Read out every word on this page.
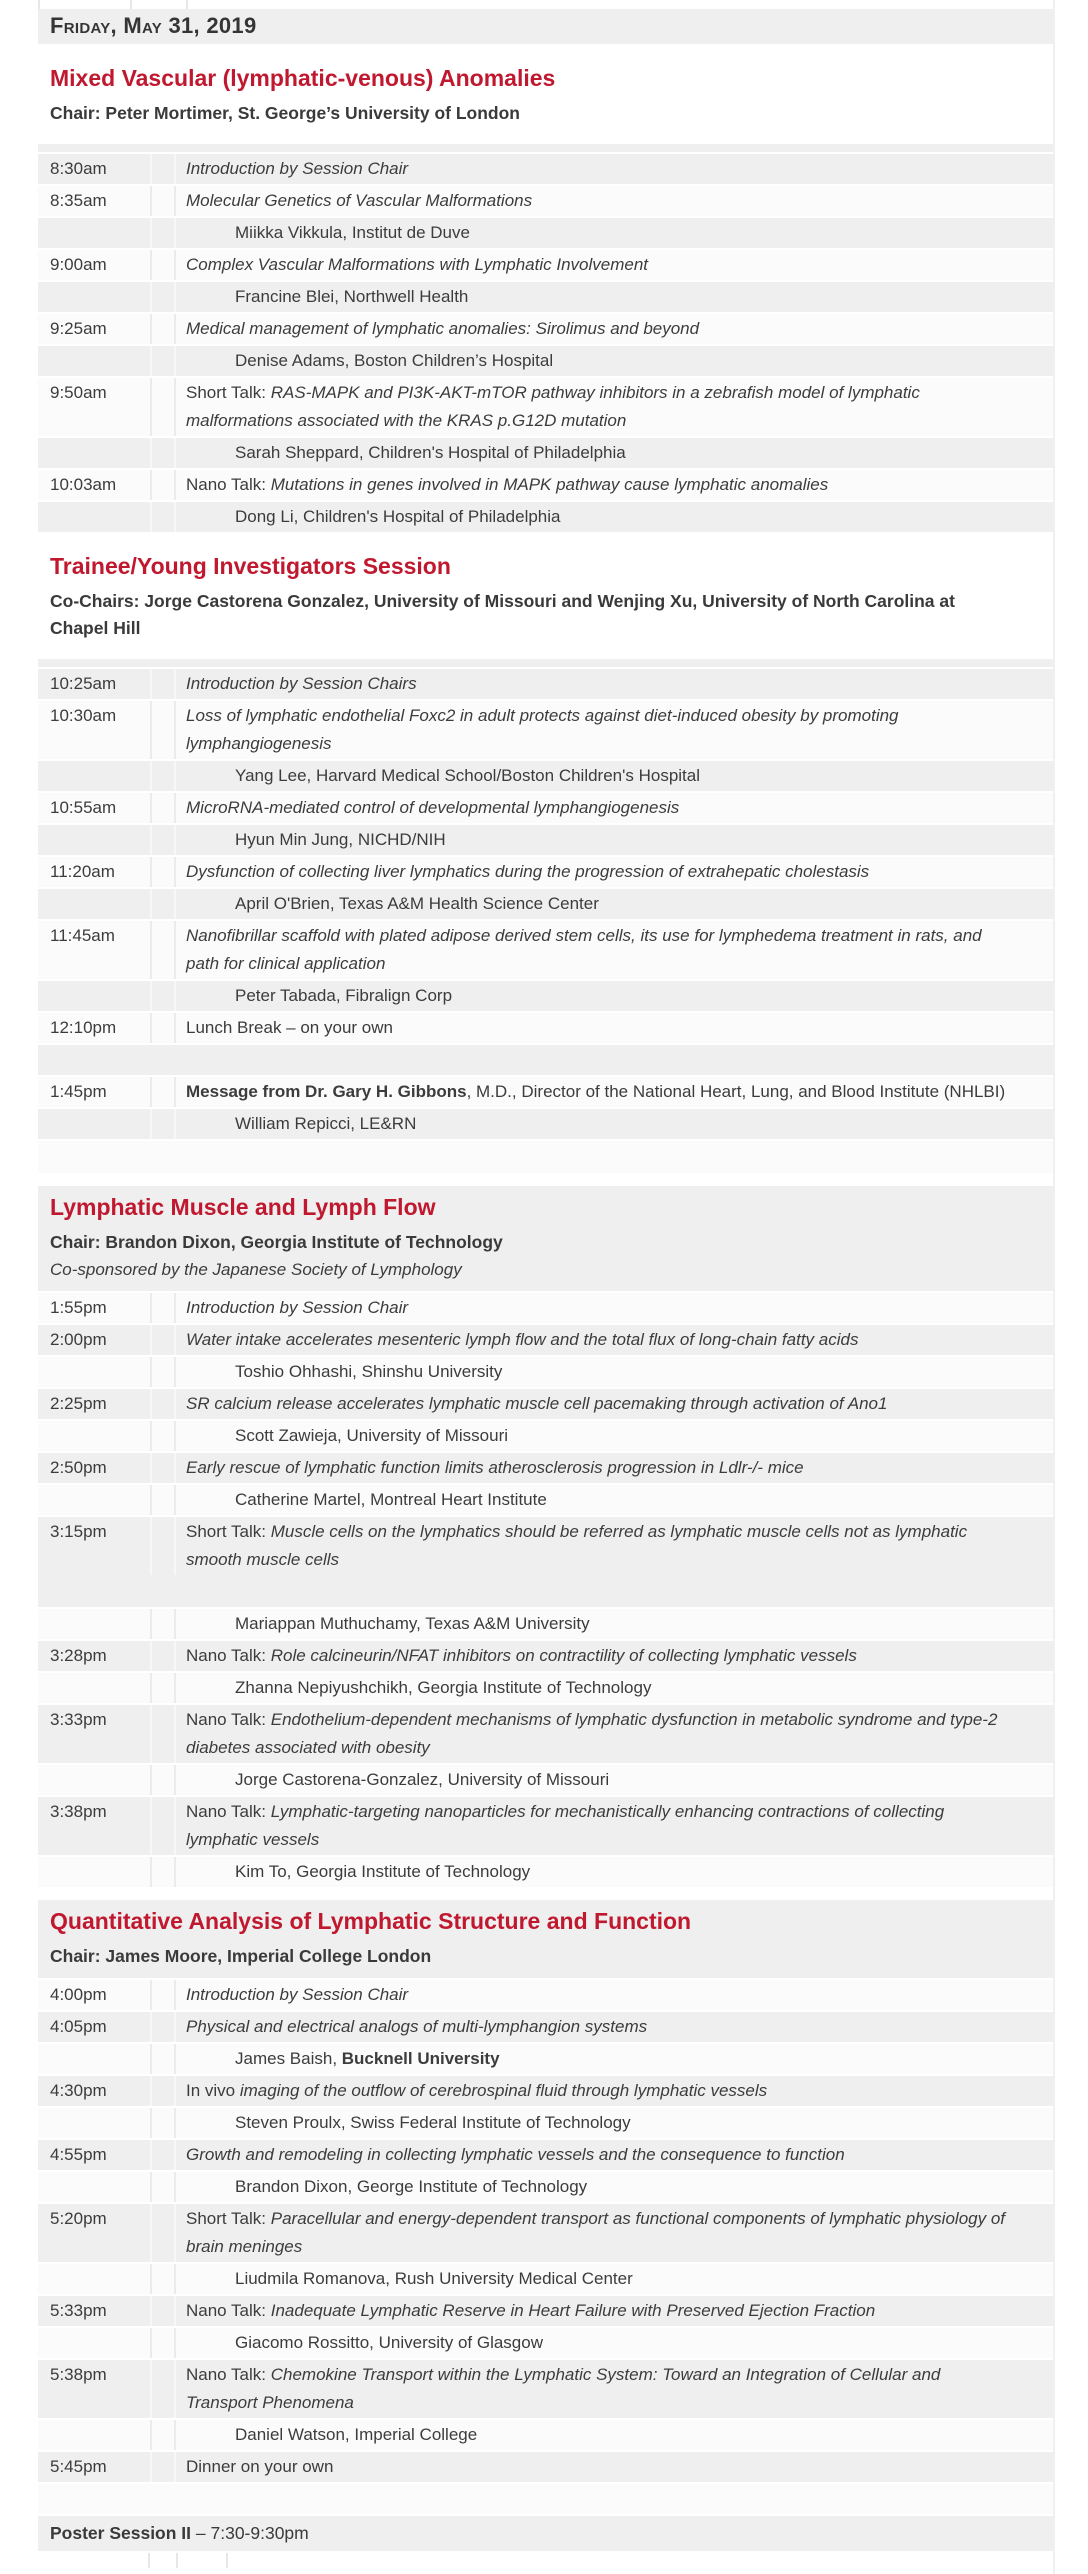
Friday, May 31, 2019
Mixed Vascular (lymphatic-venous) Anomalies

Chair: Peter Mortimer, St. George’s University of London

8:30am	Introduction by Session Chair
8:35am	Molecular Genetics of Vascular Malformations
Miikka Vikkula, Institut de Duve
9:00am	Complex Vascular Malformations with Lymphatic Involvement
Francine Blei, Northwell Health
9:25am	Medical management of lymphatic anomalies: Sirolimus and beyond
Denise Adams, Boston Children’s Hospital
9:50am	Short Talk: RAS-MAPK and PI3K-AKT-mTOR pathway inhibitors in a zebrafish model of lymphatic malformations associated with the KRAS p.G12D mutation
Sarah Sheppard, Children's Hospital of Philadelphia
10:03am	Nano Talk: Mutations in genes involved in MAPK pathway cause lymphatic anomalies
Dong Li, Children's Hospital of Philadelphia
Trainee/Young Investigators Session

Co-Chairs: Jorge Castorena Gonzalez, University of Missouri and Wenjing Xu, University of North Carolina at Chapel Hill

10:25am	Introduction by Session Chairs
10:30am	Loss of lymphatic endothelial Foxc2 in adult protects against diet-induced obesity by promoting lymphangiogenesis
Yang Lee, Harvard Medical School/Boston Children's Hospital
10:55am	MicroRNA-mediated control of developmental lymphangiogenesis
Hyun Min Jung, NICHD/NIH
11:20am	Dysfunction of collecting liver lymphatics during the progression of extrahepatic cholestasis
April O'Brien, Texas A&M Health Science Center
11:45am	Nanofibrillar scaffold with plated adipose derived stem cells, its use for lymphedema treatment in rats, and path for clinical application
Peter Tabada, Fibralign Corp
12:10pm	Lunch Break – on your own
1:45pm	Message from Dr. Gary H. Gibbons, M.D., Director of the National Heart, Lung, and Blood Institute (NHLBI)
William Repicci, LE&RN
Lymphatic Muscle and Lymph Flow

Chair: Brandon Dixon, Georgia Institute of Technology

Co-sponsored by the Japanese Society of Lymphology

1:55pm	Introduction by Session Chair
2:00pm	Water intake accelerates mesenteric lymph flow and the total flux of long-chain fatty acids
Toshio Ohhashi, Shinshu University
2:25pm	SR calcium release accelerates lymphatic muscle cell pacemaking through activation of Ano1
Scott Zawieja, University of Missouri
2:50pm	Early rescue of lymphatic function limits atherosclerosis progression in Ldlr-/- mice
Catherine Martel, Montreal Heart Institute
3:15pm	Short Talk: Muscle cells on the lymphatics should be referred as lymphatic muscle cells not as lymphatic smooth muscle cells
Mariappan Muthuchamy, Texas A&M University
3:28pm	Nano Talk: Role calcineurin/NFAT inhibitors on contractility of collecting lymphatic vessels
Zhanna Nepiyushchikh, Georgia Institute of Technology
3:33pm	Nano Talk: Endothelium-dependent mechanisms of lymphatic dysfunction in metabolic syndrome and type-2 diabetes associated with obesity
Jorge Castorena-Gonzalez, University of Missouri
3:38pm	Nano Talk: Lymphatic-targeting nanoparticles for mechanistically enhancing contractions of collecting lymphatic vessels
Kim To, Georgia Institute of Technology
Quantitative Analysis of Lymphatic Structure and Function

Chair: James Moore, Imperial College London

4:00pm	Introduction by Session Chair
4:05pm	Physical and electrical analogs of multi-lymphangion systems
James Baish, Bucknell University
4:30pm	In vivo imaging of the outflow of cerebrospinal fluid through lymphatic vessels
Steven Proulx, Swiss Federal Institute of Technology
4:55pm	Growth and remodeling in collecting lymphatic vessels and the consequence to function
Brandon Dixon, George Institute of Technology
5:20pm	Short Talk: Paracellular and energy-dependent transport as functional components of lymphatic physiology of brain meninges
Liudmila Romanova, Rush University Medical Center
5:33pm	Nano Talk: Inadequate Lymphatic Reserve in Heart Failure with Preserved Ejection Fraction
Giacomo Rossitto, University of Glasgow
5:38pm	Nano Talk: Chemokine Transport within the Lymphatic System: Toward an Integration of Cellular and Transport Phenomena
Daniel Watson, Imperial College
5:45pm	Dinner on your own
Poster Session II – 7:30-9:30pm
